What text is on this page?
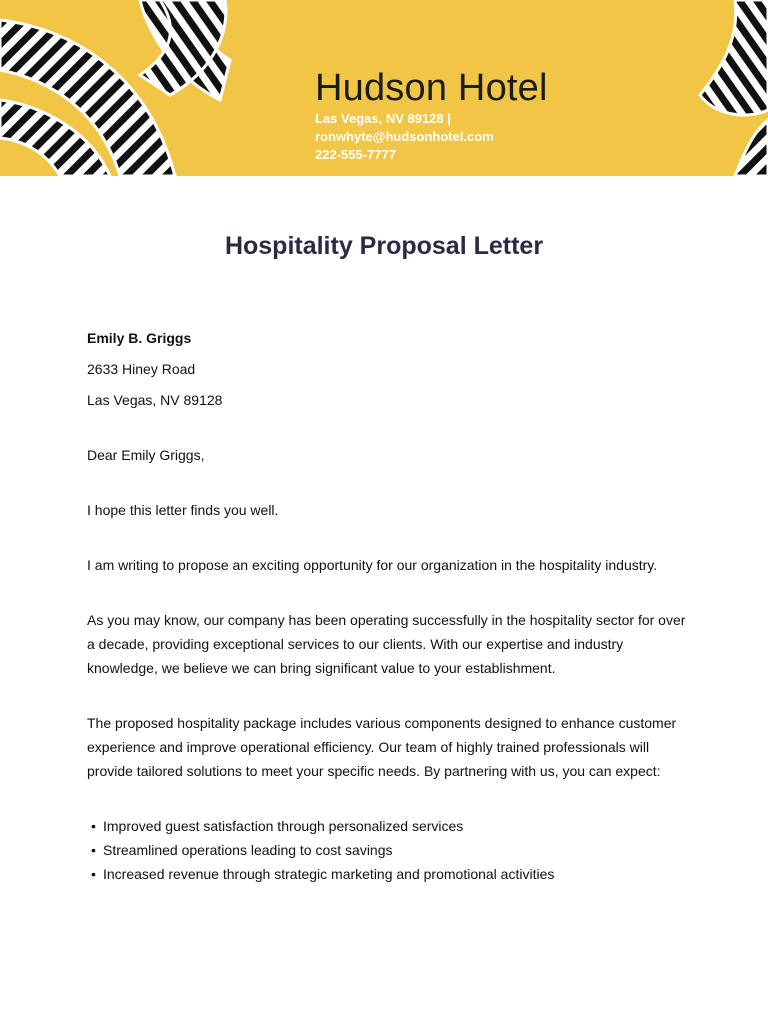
Hudson Hotel
Las Vegas, NV 89128 |
ronwhyte@hudsonhotel.com
222-555-7777
Hospitality Proposal Letter

Emily B. Griggs

2633 Hiney Road

Las Vegas, NV 89128

Dear Emily Griggs,

I hope this letter finds you well.

I am writing to propose an exciting opportunity for our organization in the hospitality industry.

As you may know, our company has been operating successfully in the hospitality sector for over a decade, providing exceptional services to our clients. With our expertise and industry knowledge, we believe we can bring significant value to your establishment.

The proposed hospitality package includes various components designed to enhance customer experience and improve operational efficiency. Our team of highly trained professionals will provide tailored solutions to meet your specific needs. By partnering with us, you can expect:

• Improved guest satisfaction through personalized services
• Streamlined operations leading to cost savings
• Increased revenue through strategic marketing and promotional activities
